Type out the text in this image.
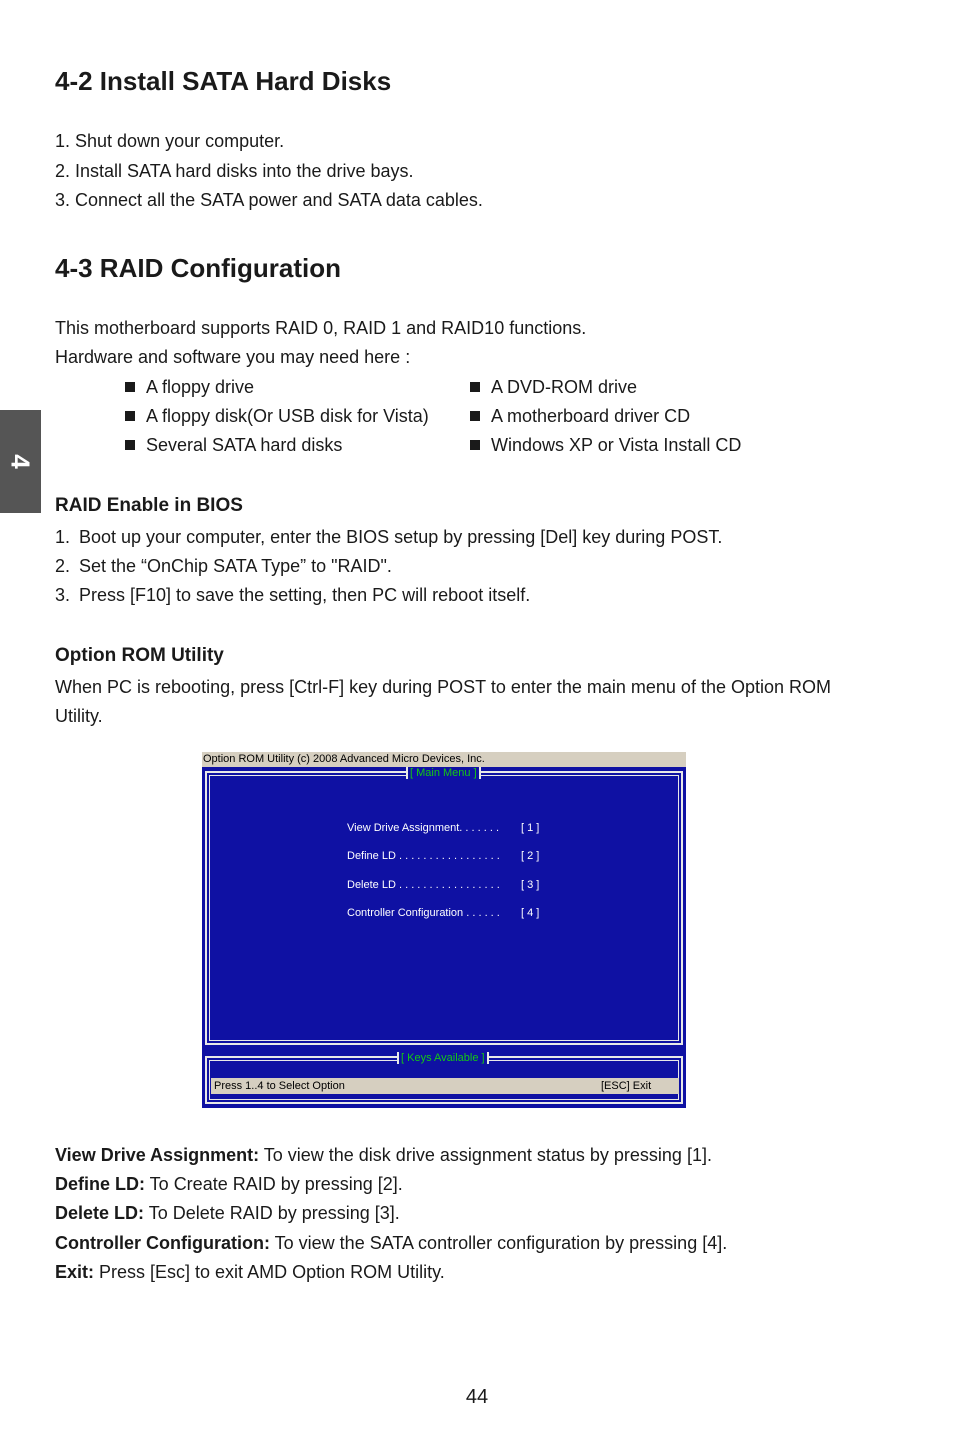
4
4-2 Install SATA Hard Disks
1. Shut down your computer.
2. Install SATA hard disks into the drive bays.
3. Connect all the SATA power and SATA data cables.
4-3 RAID Configuration
This motherboard supports RAID 0, RAID 1 and RAID10 functions.
Hardware and software you may need here :
A floppy drive
A floppy disk(Or USB disk for Vista)
Several SATA hard disks
A DVD-ROM drive
A motherboard driver CD
Windows XP or Vista Install CD
RAID Enable in BIOS
1. Boot up your computer, enter the BIOS setup by pressing [Del] key during POST.
2. Set the “OnChip SATA Type” to "RAID".
3. Press [F10] to save the setting, then PC will reboot itself.
Option ROM Utility
When PC is rebooting, press [Ctrl-F] key during POST to enter the main menu of the Option ROM
Utility.
Option ROM Utility (c) 2008 Advanced Micro Devices, Inc.
[ Main Menu ]
View Drive Assignment. . . . . . . [ 1 ]
Define LD . . . . . . . . . . . . . . . . . [ 2 ]
Delete LD . . . . . . . . . . . . . . . . . [ 3 ]
Controller Configuration . . . . . . [ 4 ]
[ Keys Available ]
Press 1..4 to Select Option	[ESC] Exit
View Drive Assignment: To view the disk drive assignment status by pressing [1].
Define LD: To Create RAID by pressing [2].
Delete LD: To Delete RAID by pressing [3].
Controller Configuration: To view the SATA controller configuration by pressing [4].
Exit: Press [Esc] to exit AMD Option ROM Utility.
44
